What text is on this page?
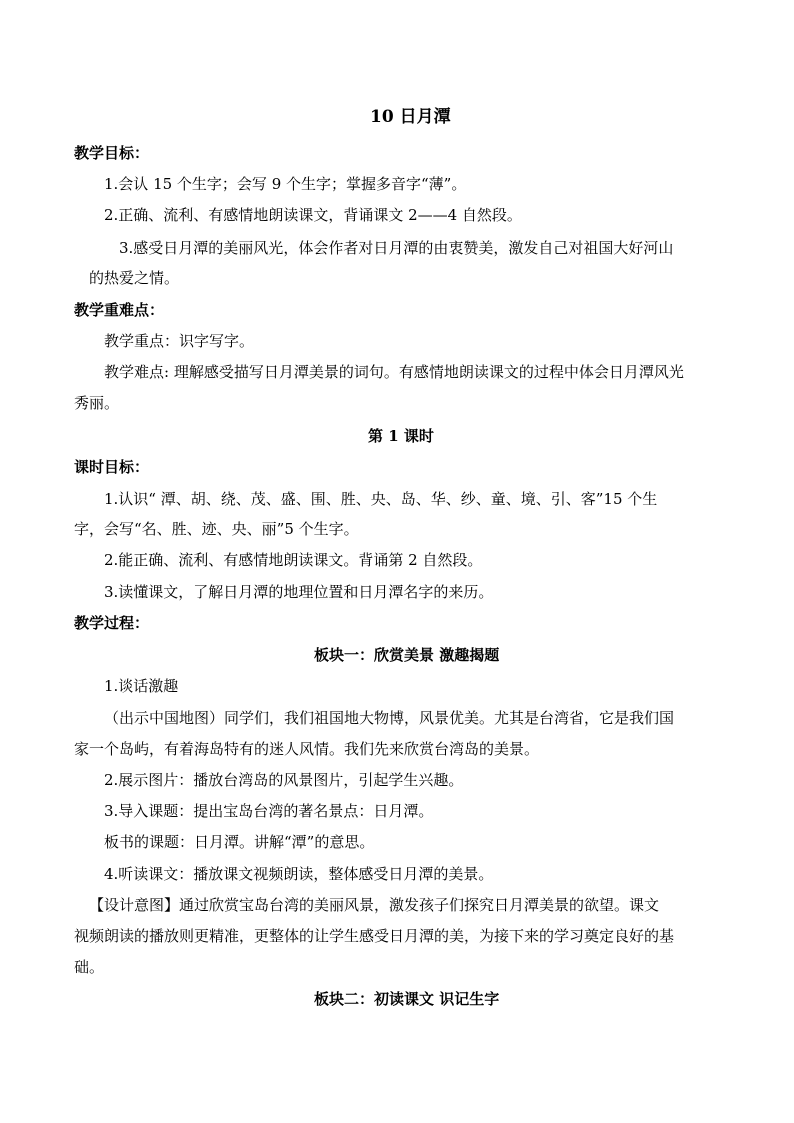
10 日月潭

教学目标：

1.会认 15 个生字；会写 9 个生字；掌握多音字“薄”。

2.正确、流利、有感情地朗读课文，背诵课文 2——4 自然段。

3.感受日月潭的美丽风光，体会作者对日月潭的由衷赞美，激发自己对祖国大好河山

的热爱之情。

教学重难点：

教学重点：识字写字。

教学难点: 理解感受描写日月潭美景的词句。有感情地朗读课文的过程中体会日月潭风光

秀丽。

第 1 课时

课时目标：

1.认识“ 潭、胡、绕、茂、盛、围、胜、央、岛、华、纱、童、境、引、客”15 个生

字，会写“名、胜、迹、央、丽”5 个生字。

2.能正确、流利、有感情地朗读课文。背诵第 2 自然段。

3.读懂课文，了解日月潭的地理位置和日月潭名字的来历。

教学过程：

板块一：欣赏美景 激趣揭题

1.谈话激趣

（出示中国地图）同学们，我们祖国地大物博，风景优美。尤其是台湾省，它是我们国

家一个岛屿，有着海岛特有的迷人风情。我们先来欣赏台湾岛的美景。

2.展示图片：播放台湾岛的风景图片，引起学生兴趣。

3.导入课题：提出宝岛台湾的著名景点：日月潭。

板书的课题：日月潭。讲解“潭”的意思。

4.听读课文：播放课文视频朗读，整体感受日月潭的美景。

【设计意图】通过欣赏宝岛台湾的美丽风景，激发孩子们探究日月潭美景的欲望。课文

视频朗读的播放则更精准，更整体的让学生感受日月潭的美，为接下来的学习奠定良好的基

础。

板块二：初读课文 识记生字
